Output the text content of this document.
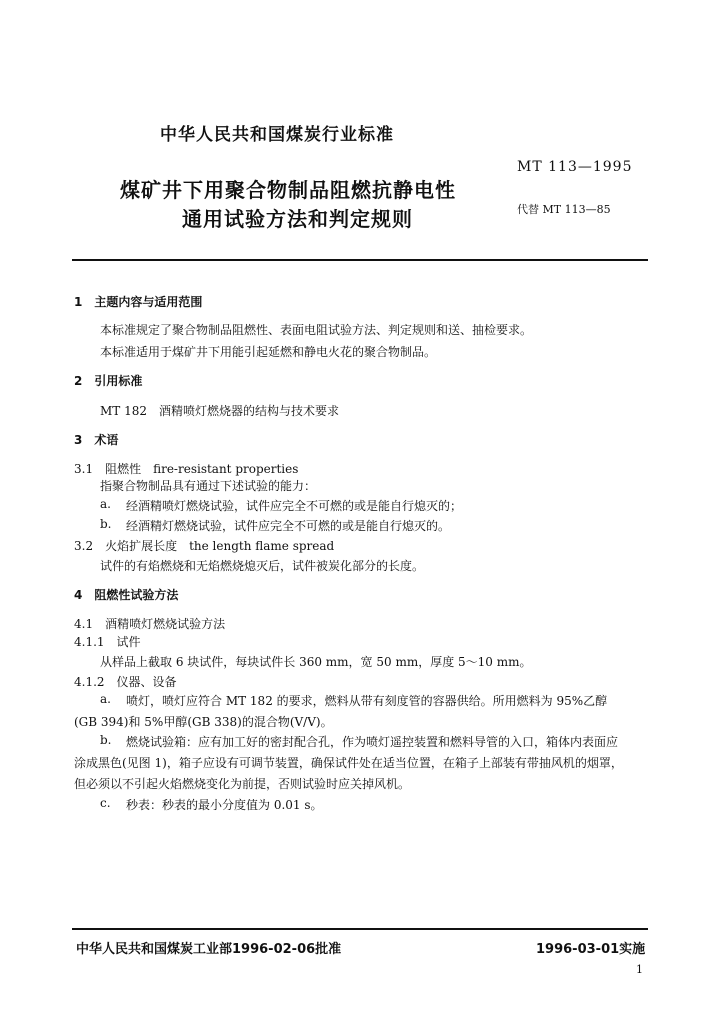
中华人民共和国煤炭行业标准
MT 113—1995
煤矿井下用聚合物制品阻燃抗静电性
通用试验方法和判定规则	代替 MT 113—85
1　主题内容与适用范围
本标准规定了聚合物制品阻燃性、表面电阻试验方法、判定规则和送、抽检要求。
本标准适用于煤矿井下用能引起延燃和静电火花的聚合物制品。
2　引用标准
MT 182　酒精喷灯燃烧器的结构与技术要求
3　术语
3.1　阻燃性　fire-resistant properties
指聚合物制品具有通过下述试验的能力：
a. 经酒精喷灯燃烧试验，试件应完全不可燃的或是能自行熄灭的；
b. 经酒精灯燃烧试验，试件应完全不可燃的或是能自行熄灭的。
3.2　火焰扩展长度　the length flame spread
试件的有焰燃烧和无焰燃烧熄灭后，试件被炭化部分的长度。
4　阻燃性试验方法
4.1　酒精喷灯燃烧试验方法
4.1.1　试件
从样品上截取 6 块试件，每块试件长 360 mm，宽 50 mm，厚度 5～10 mm。
4.1.2　仪器、设备
a. 喷灯，喷灯应符合 MT 182 的要求，燃料从带有刻度管的容器供给。所用燃料为 95%乙醇
(GB 394)和 5%甲醇(GB 338)的混合物(V/V)。
b. 燃烧试验箱：应有加工好的密封配合孔，作为喷灯遥控装置和燃料导管的入口，箱体内表面应
涂成黑色(见图 1)，箱子应设有可调节装置，确保试件处在适当位置，在箱子上部装有带抽风机的烟罩，
但必须以不引起火焰燃烧变化为前提，否则试验时应关掉风机。
c. 秒表：秒表的最小分度值为 0.01 s。
中华人民共和国煤炭工业部1996-02-06批准	1996-03-01实施
1
